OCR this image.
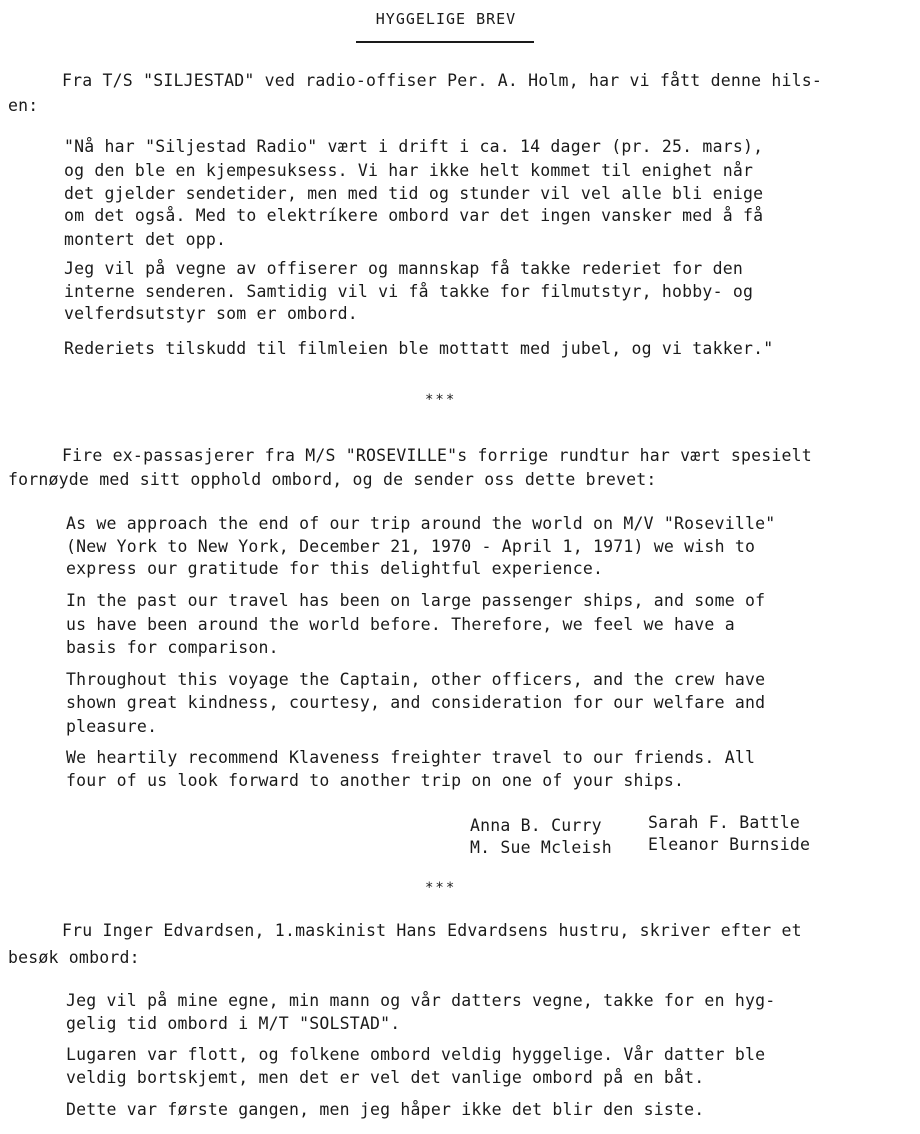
HYGGELIGE BREV
Fra T/S "SILJESTAD" ved radio-offiser Per. A. Holm, har vi fått denne hils-
en:
"Nå har "Siljestad Radio" vært i drift i ca. 14 dager (pr. 25. mars),
og den ble en kjempesuksess. Vi har ikke helt kommet til enighet når
det gjelder sendetider, men med tid og stunder vil vel alle bli enige
om det også. Med to elektríkere ombord var det ingen vansker med å få
montert det opp.
Jeg vil på vegne av offiserer og mannskap få takke rederiet for den
interne senderen. Samtidig vil vi få takke for filmutstyr, hobby- og
velferdsutstyr som er ombord.
Rederiets tilskudd til filmleien ble mottatt med jubel, og vi takker."
***
Fire ex-passasjerer fra M/S "ROSEVILLE"s forrige rundtur har vært spesielt
fornøyde med sitt opphold ombord, og de sender oss dette brevet:
As we approach the end of our trip around the world on M/V "Roseville"
(New York to New York, December 21, 1970 - April 1, 1971) we wish to
express our gratitude for this delightful experience.
In the past our travel has been on large passenger ships, and some of
us have been around the world before. Therefore, we feel we have a
basis for comparison.
Throughout this voyage the Captain, other officers, and the crew have
shown great kindness, courtesy, and consideration for our welfare and
pleasure.
We heartily recommend Klaveness freighter travel to our friends. All
four of us look forward to another trip on one of your ships.
Anna B. Curry	Sarah F. Battle
M. Sue Mcleish Eleanor Burnside
***
Fru Inger Edvardsen, 1.maskinist Hans Edvardsens hustru, skriver efter et
besøk ombord:
Jeg vil på mine egne, min mann og vår datters vegne, takke for en hyg-
gelig tid ombord i M/T "SOLSTAD".
Lugaren var flott, og folkene ombord veldig hyggelige. Vår datter ble
veldig bortskjemt, men det er vel det vanlige ombord på en båt.
Dette var første gangen, men jeg håper ikke det blir den siste.
